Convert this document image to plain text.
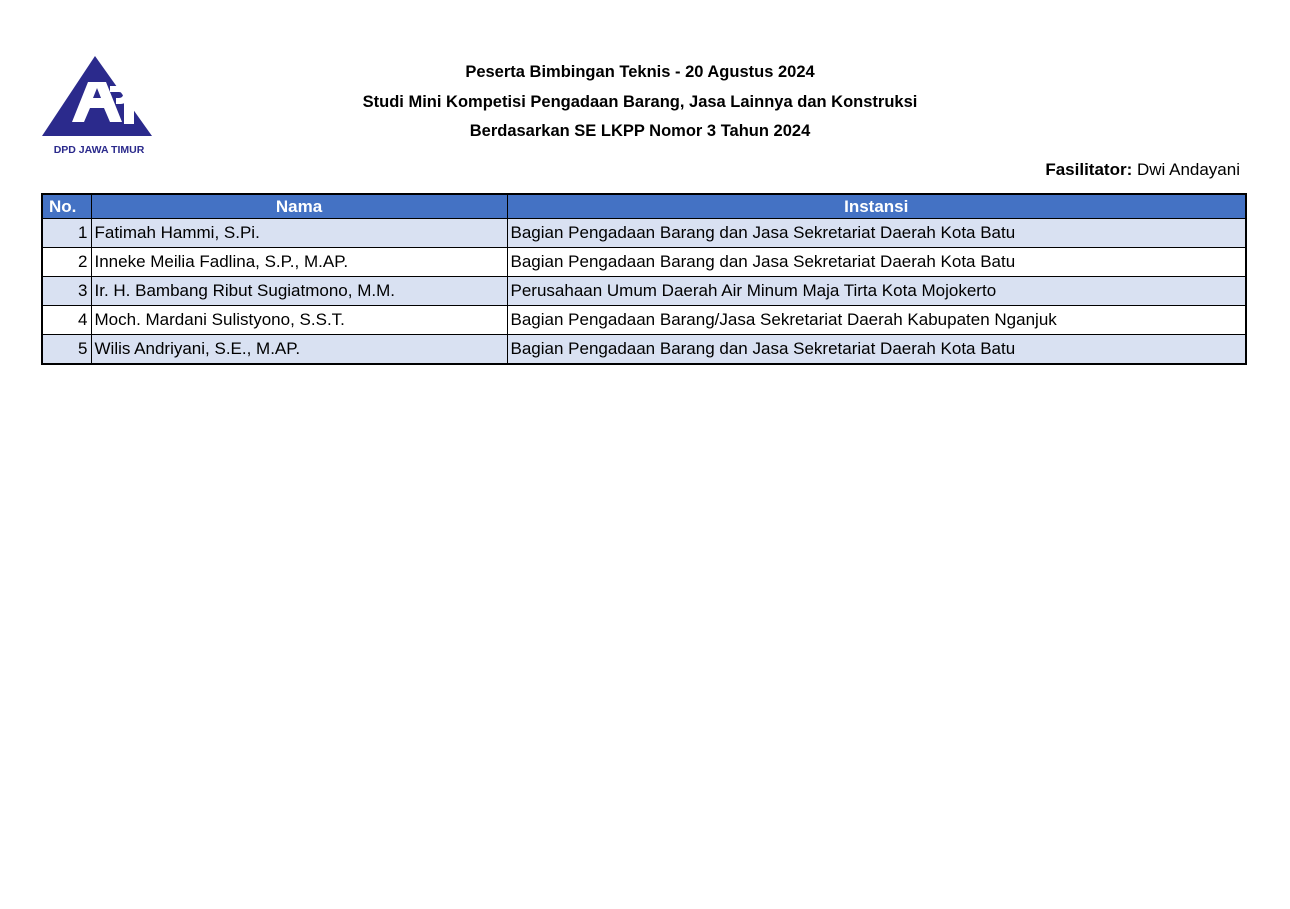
DPD JAWA TIMUR
Peserta Bimbingan Teknis - 20 Agustus 2024
Studi Mini Kompetisi Pengadaan Barang, Jasa Lainnya dan Konstruksi
Berdasarkan SE LKPP Nomor 3 Tahun 2024
Fasilitator: Dwi Andayani
No.	Nama	Instansi
1	Fatimah Hammi, S.Pi.	Bagian Pengadaan Barang dan Jasa Sekretariat Daerah Kota Batu
2	Inneke Meilia Fadlina, S.P., M.AP.	Bagian Pengadaan Barang dan Jasa Sekretariat Daerah Kota Batu
3	Ir. H. Bambang Ribut Sugiatmono, M.M.	Perusahaan Umum Daerah Air Minum Maja Tirta Kota Mojokerto
4	Moch. Mardani Sulistyono, S.S.T.	Bagian Pengadaan Barang/Jasa Sekretariat Daerah Kabupaten Nganjuk
5	Wilis Andriyani, S.E., M.AP.	Bagian Pengadaan Barang dan Jasa Sekretariat Daerah Kota Batu
